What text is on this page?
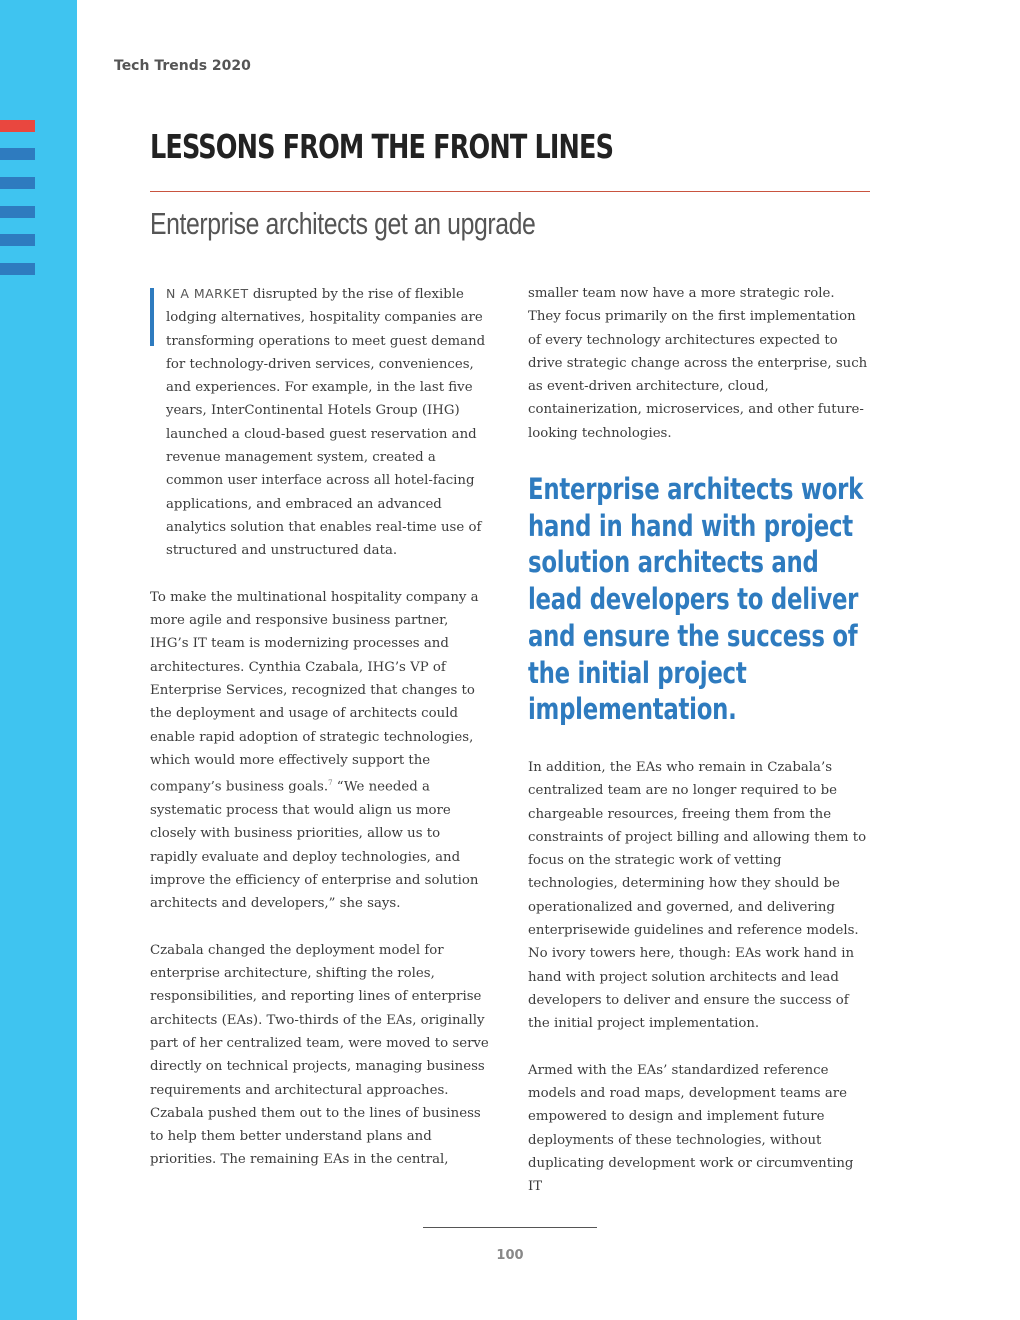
Tech Trends 2020

LESSONS FROM THE FRONT LINES
Enterprise architects get an upgrade

N A MARKET disrupted by the rise of flexible lodging alternatives, hospitality companies are transforming operations to meet guest demand for technology-driven services, conveniences, and experiences. For example, in the last five years, InterContinental Hotels Group (IHG) launched a cloud-based guest reservation and revenue management system, created a common user interface across all hotel-facing applications, and embraced an advanced analytics solution that enables real-time use of structured and unstructured data.

To make the multinational hospitality company a more agile and responsive business partner, IHG’s IT team is modernizing processes and architectures. Cynthia Czabala, IHG’s VP of Enterprise Services, recognized that changes to the deployment and usage of architects could enable rapid adoption of strategic technologies, which would more effectively support the company’s business goals.$^7$ “We needed a systematic process that would align us more closely with business priorities, allow us to rapidly evaluate and deploy technologies, and improve the efficiency of enterprise and solution architects and developers,” she says.

Czabala changed the deployment model for enterprise architecture, shifting the roles, responsibilities, and reporting lines of enterprise architects (EAs). Two-thirds of the EAs, originally part of her centralized team, were moved to serve directly on technical projects, managing business requirements and architectural approaches. Czabala pushed them out to the lines of business to help them better understand plans and priorities. The remaining EAs in the central,

smaller team now have a more strategic role. They focus primarily on the first implementation of every technology architectures expected to drive strategic change across the enterprise, such as event-driven architecture, cloud, containerization, microservices, and other future-looking technologies.

Enterprise architects work hand in hand with project solution architects and lead developers to deliver and ensure the success of the initial project implementation.

In addition, the EAs who remain in Czabala’s centralized team are no longer required to be chargeable resources, freeing them from the constraints of project billing and allowing them to focus on the strategic work of vetting technologies, determining how they should be operationalized and governed, and delivering enterprisewide guidelines and reference models. No ivory towers here, though: EAs work hand in hand with project solution architects and lead developers to deliver and ensure the success of the initial project implementation.

Armed with the EAs’ standardized reference models and road maps, development teams are empowered to design and implement future deployments of these technologies, without duplicating development work or circumventing IT

100
